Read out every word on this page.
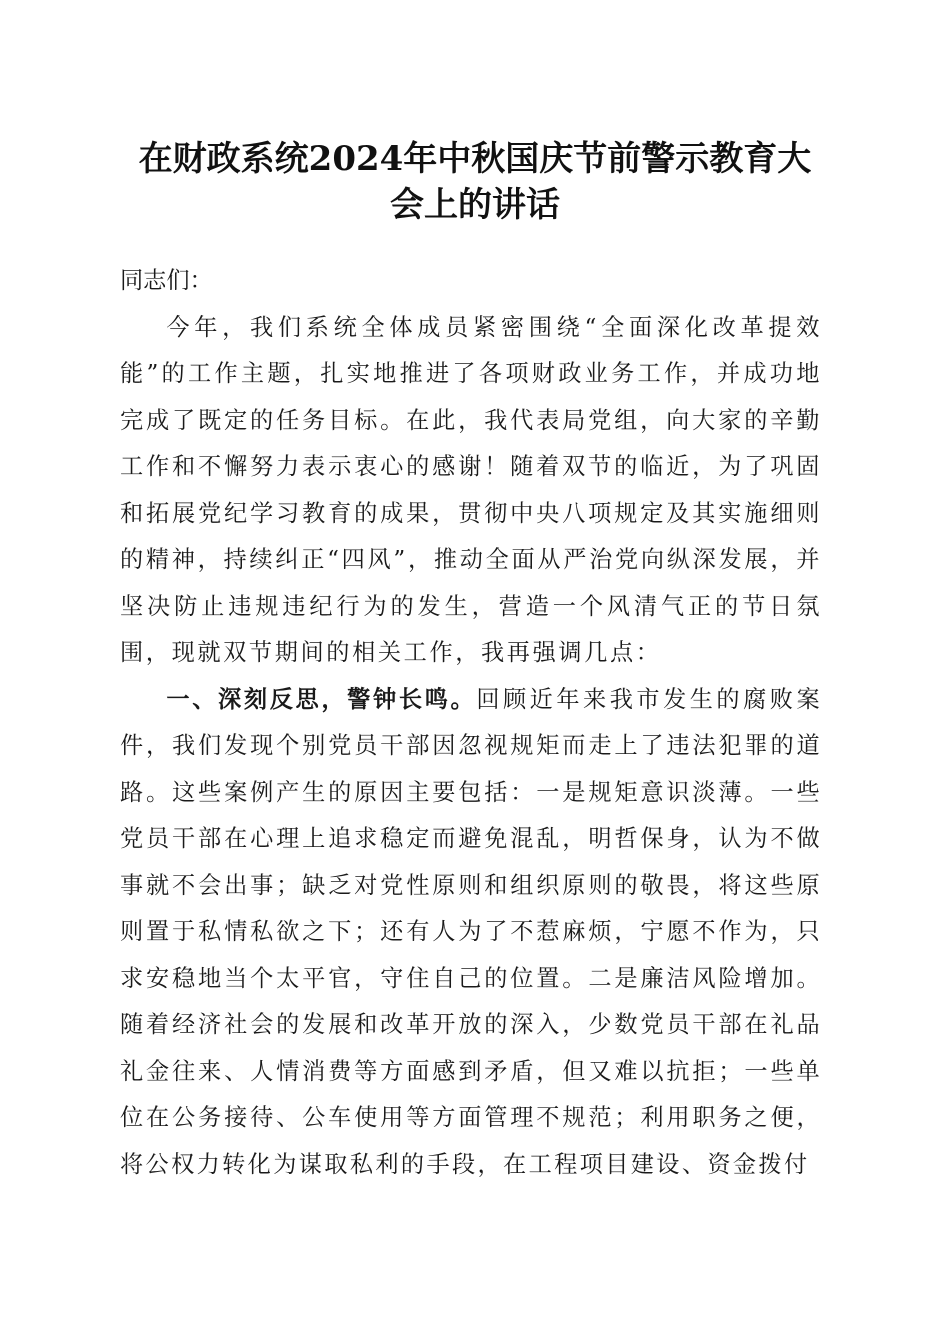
在财政系统2024年中秋国庆节前警示教育大
会上的讲话

同志们：

今年，我们系统全体成员紧密围绕“全面深化改革提效能”的工作主题，扎实地推进了各项财政业务工作，并成功地完成了既定的任务目标。在此，我代表局党组，向大家的辛勤工作和不懈努力表示衷心的感谢！随着双节的临近，为了巩固和拓展党纪学习教育的成果，贯彻中央八项规定及其实施细则的精神，持续纠正“四风”，推动全面从严治党向纵深发展，并坚决防止违规违纪行为的发生，营造一个风清气正的节日氛围，现就双节期间的相关工作，我再强调几点：

一、深刻反思，警钟长鸣。回顾近年来我市发生的腐败案件，我们发现个别党员干部因忽视规矩而走上了违法犯罪的道路。这些案例产生的原因主要包括：一是规矩意识淡薄。一些党员干部在心理上追求稳定而避免混乱，明哲保身，认为不做事就不会出事；缺乏对党性原则和组织原则的敬畏，将这些原则置于私情私欲之下；还有人为了不惹麻烦，宁愿不作为，只求安稳地当个太平官，守住自己的位置。二是廉洁风险增加。随着经济社会的发展和改革开放的深入，少数党员干部在礼品礼金往来、人情消费等方面感到矛盾，但又难以抗拒；一些单位在公务接待、公车使用等方面管理不规范；利用职务之便，将公权力转化为谋取私利的手段，在工程项目建设、资金拨付
